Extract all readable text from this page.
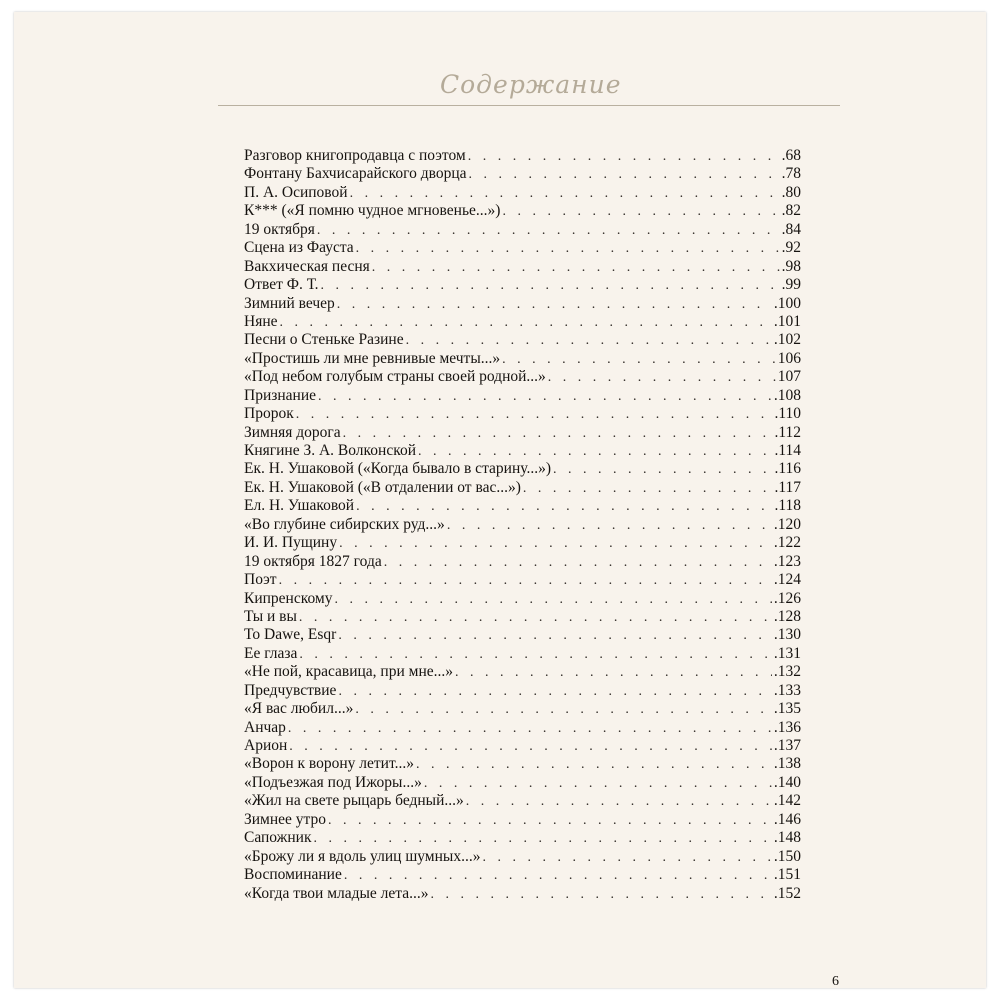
Содержание
Разговор книгопродавца с поэтом . . .	.68
Фонтану Бахчисарайского дворца . . .	.78
П. А. Осиповой . . .	.80
К*** («Я помню чудное мгновенье...») . . .	.82
19 октября . . .	.84
Сцена из Фауста . . .	.92
Вакхическая песня . . .	.98
Ответ Ф. Т. . . .	.99
Зимний вечер . . .	.100
Няне . . .	.101
Песни о Стеньке Разине . . .	.102
«Простишь ли мне ревнивые мечты...» . . .	106
«Под небом голубым страны своей родной...» . . .	107
Признание . . .	.108
Пророк . . .	.110
Зимняя дорога . . .	.112
Княгине З. А. Волконской . . .	.114
Ек. Н. Ушаковой («Когда бывало в старину...») . . .	.116
Ек. Н. Ушаковой («В отдалении от вас...») . . .	.117
Ел. Н. Ушаковой . . .	.118
«Во глубине сибирских руд...» . . .	.120
И. И. Пущину . . .	.122
19 октября 1827 года . . .	.123
Поэт . . .	.124
Кипренскому . . .	.126
Ты и вы . . .	.128
To Dawe, Esqr . . .	.130
Ее глаза . . .	.131
«Не пой, красавица, при мне...» . . .	.132
Предчувствие . . .	.133
«Я вас любил...» . . .	.135
Анчар . . .	.136
Арион . . .	.137
«Ворон к ворону летит...» . . .	.138
«Подъезжая под Ижоры...» . . .	.140
«Жил на свете рыцарь бедный...» . . .	.142
Зимнее утро . . .	.146
Сапожник . . .	.148
«Брожу ли я вдоль улиц шумных...» . . .	.150
Воспоминание . . .	.151
«Когда твои младые лета...» . . .	.152
6
